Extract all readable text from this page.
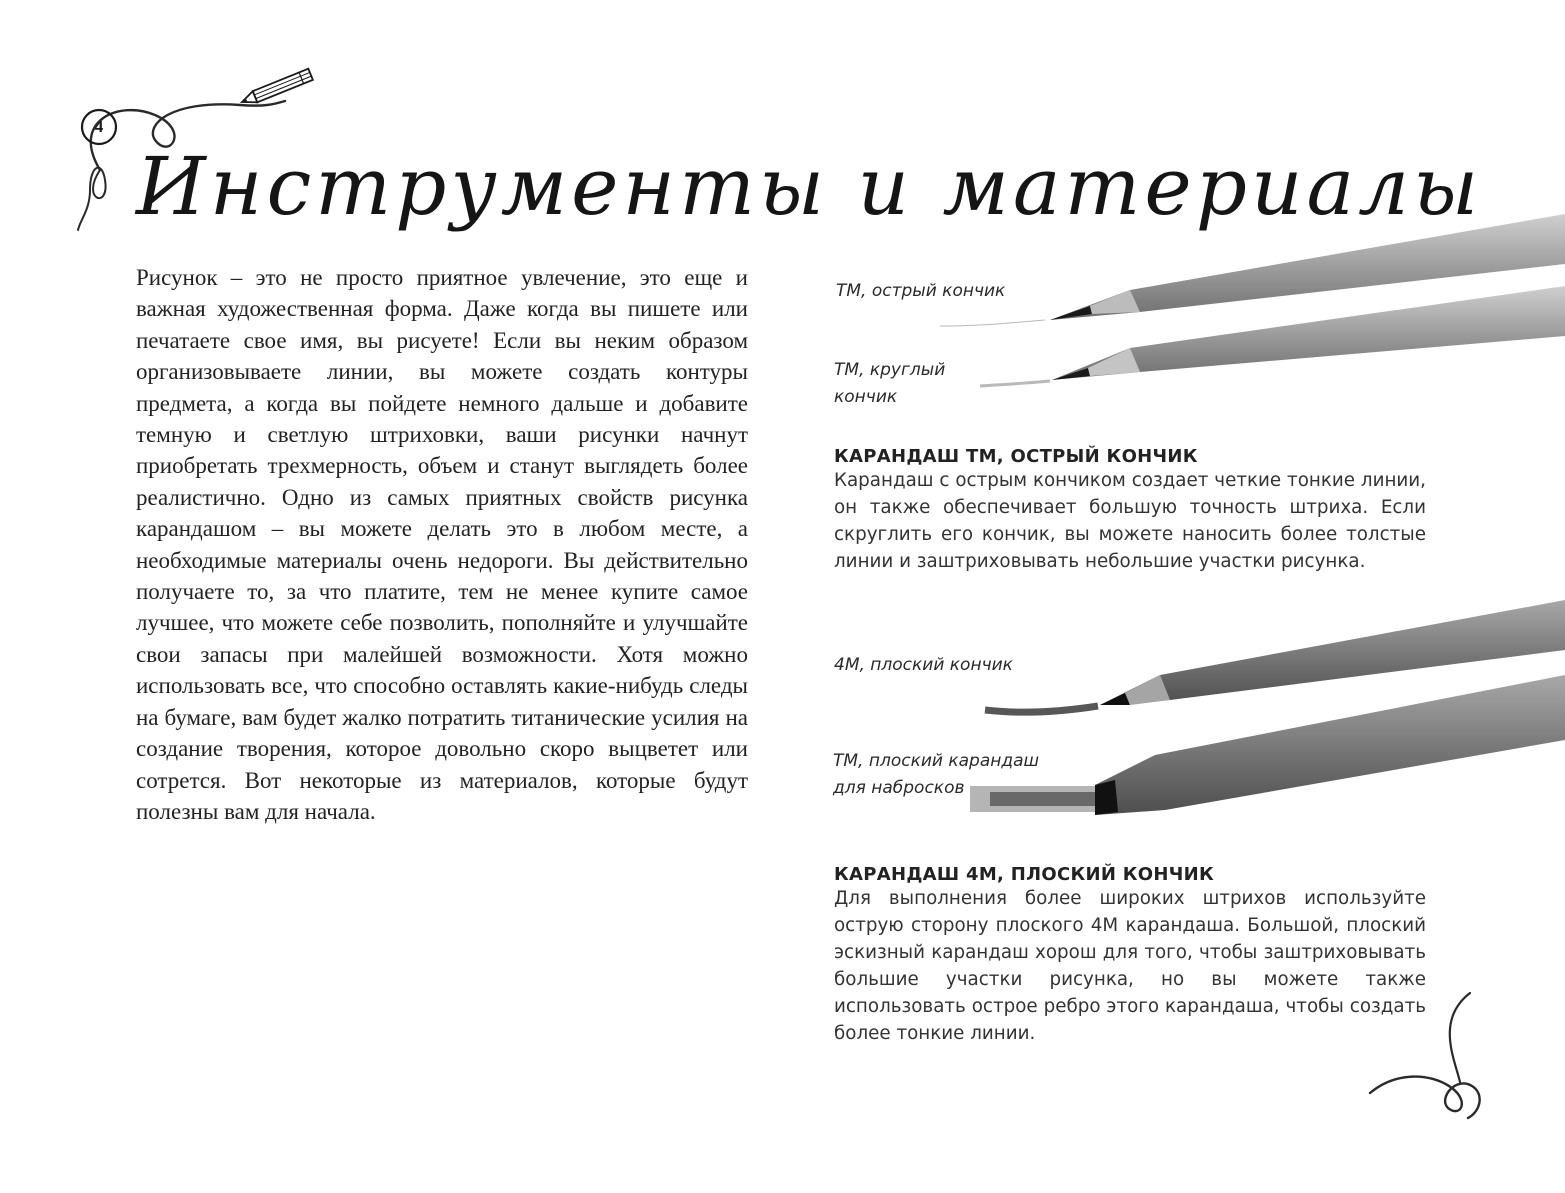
4
Инструменты и материалы

Рисунок – это не просто приятное увлечение, это еще и важная художественная форма. Даже когда вы пишете или печатаете свое имя, вы рисуете! Если вы неким образом организовываете линии, вы можете создать контуры предмета, а когда вы пойдете немного дальше и добавите темную и светлую штриховки, ваши рисунки начнут приобретать трехмерность, объем и станут выглядеть более реалистично. Одно из самых приятных свойств рисунка карандашом – вы можете делать это в любом месте, а необходимые материалы очень недороги. Вы действительно получаете то, за что платите, тем не менее купите самое лучшее, что можете себе позволить, пополняйте и улучшайте свои запасы при малейшей возможности. Хотя можно использовать все, что способно оставлять какие-нибудь следы на бумаге, вам будет жалко потратить титанические усилия на создание творения, которое довольно скоро выцветет или сотрется. Вот некоторые из материалов, которые будут полезны вам для начала.

ТМ, острый кончик
ТМ, круглый кончик
4М, плоский кончик
ТМ, плоский карандаш для набросков
КАРАНДАШ ТМ, ОСТРЫЙ КОНЧИК

Карандаш с острым кончиком создает четкие тонкие линии, он также обеспечивает большую точность штриха. Если скруглить его кончик, вы можете наносить более толстые линии и заштриховывать небольшие участки рисунка.

КАРАНДАШ 4М, ПЛОСКИЙ КОНЧИК

Для выполнения более широких штрихов используйте острую сторону плоского 4М карандаша. Большой, плоский эскизный карандаш хорош для того, чтобы заштриховывать большие участки рисунка, но вы можете также использовать острое ребро этого карандаша, чтобы создать более тонкие линии.
